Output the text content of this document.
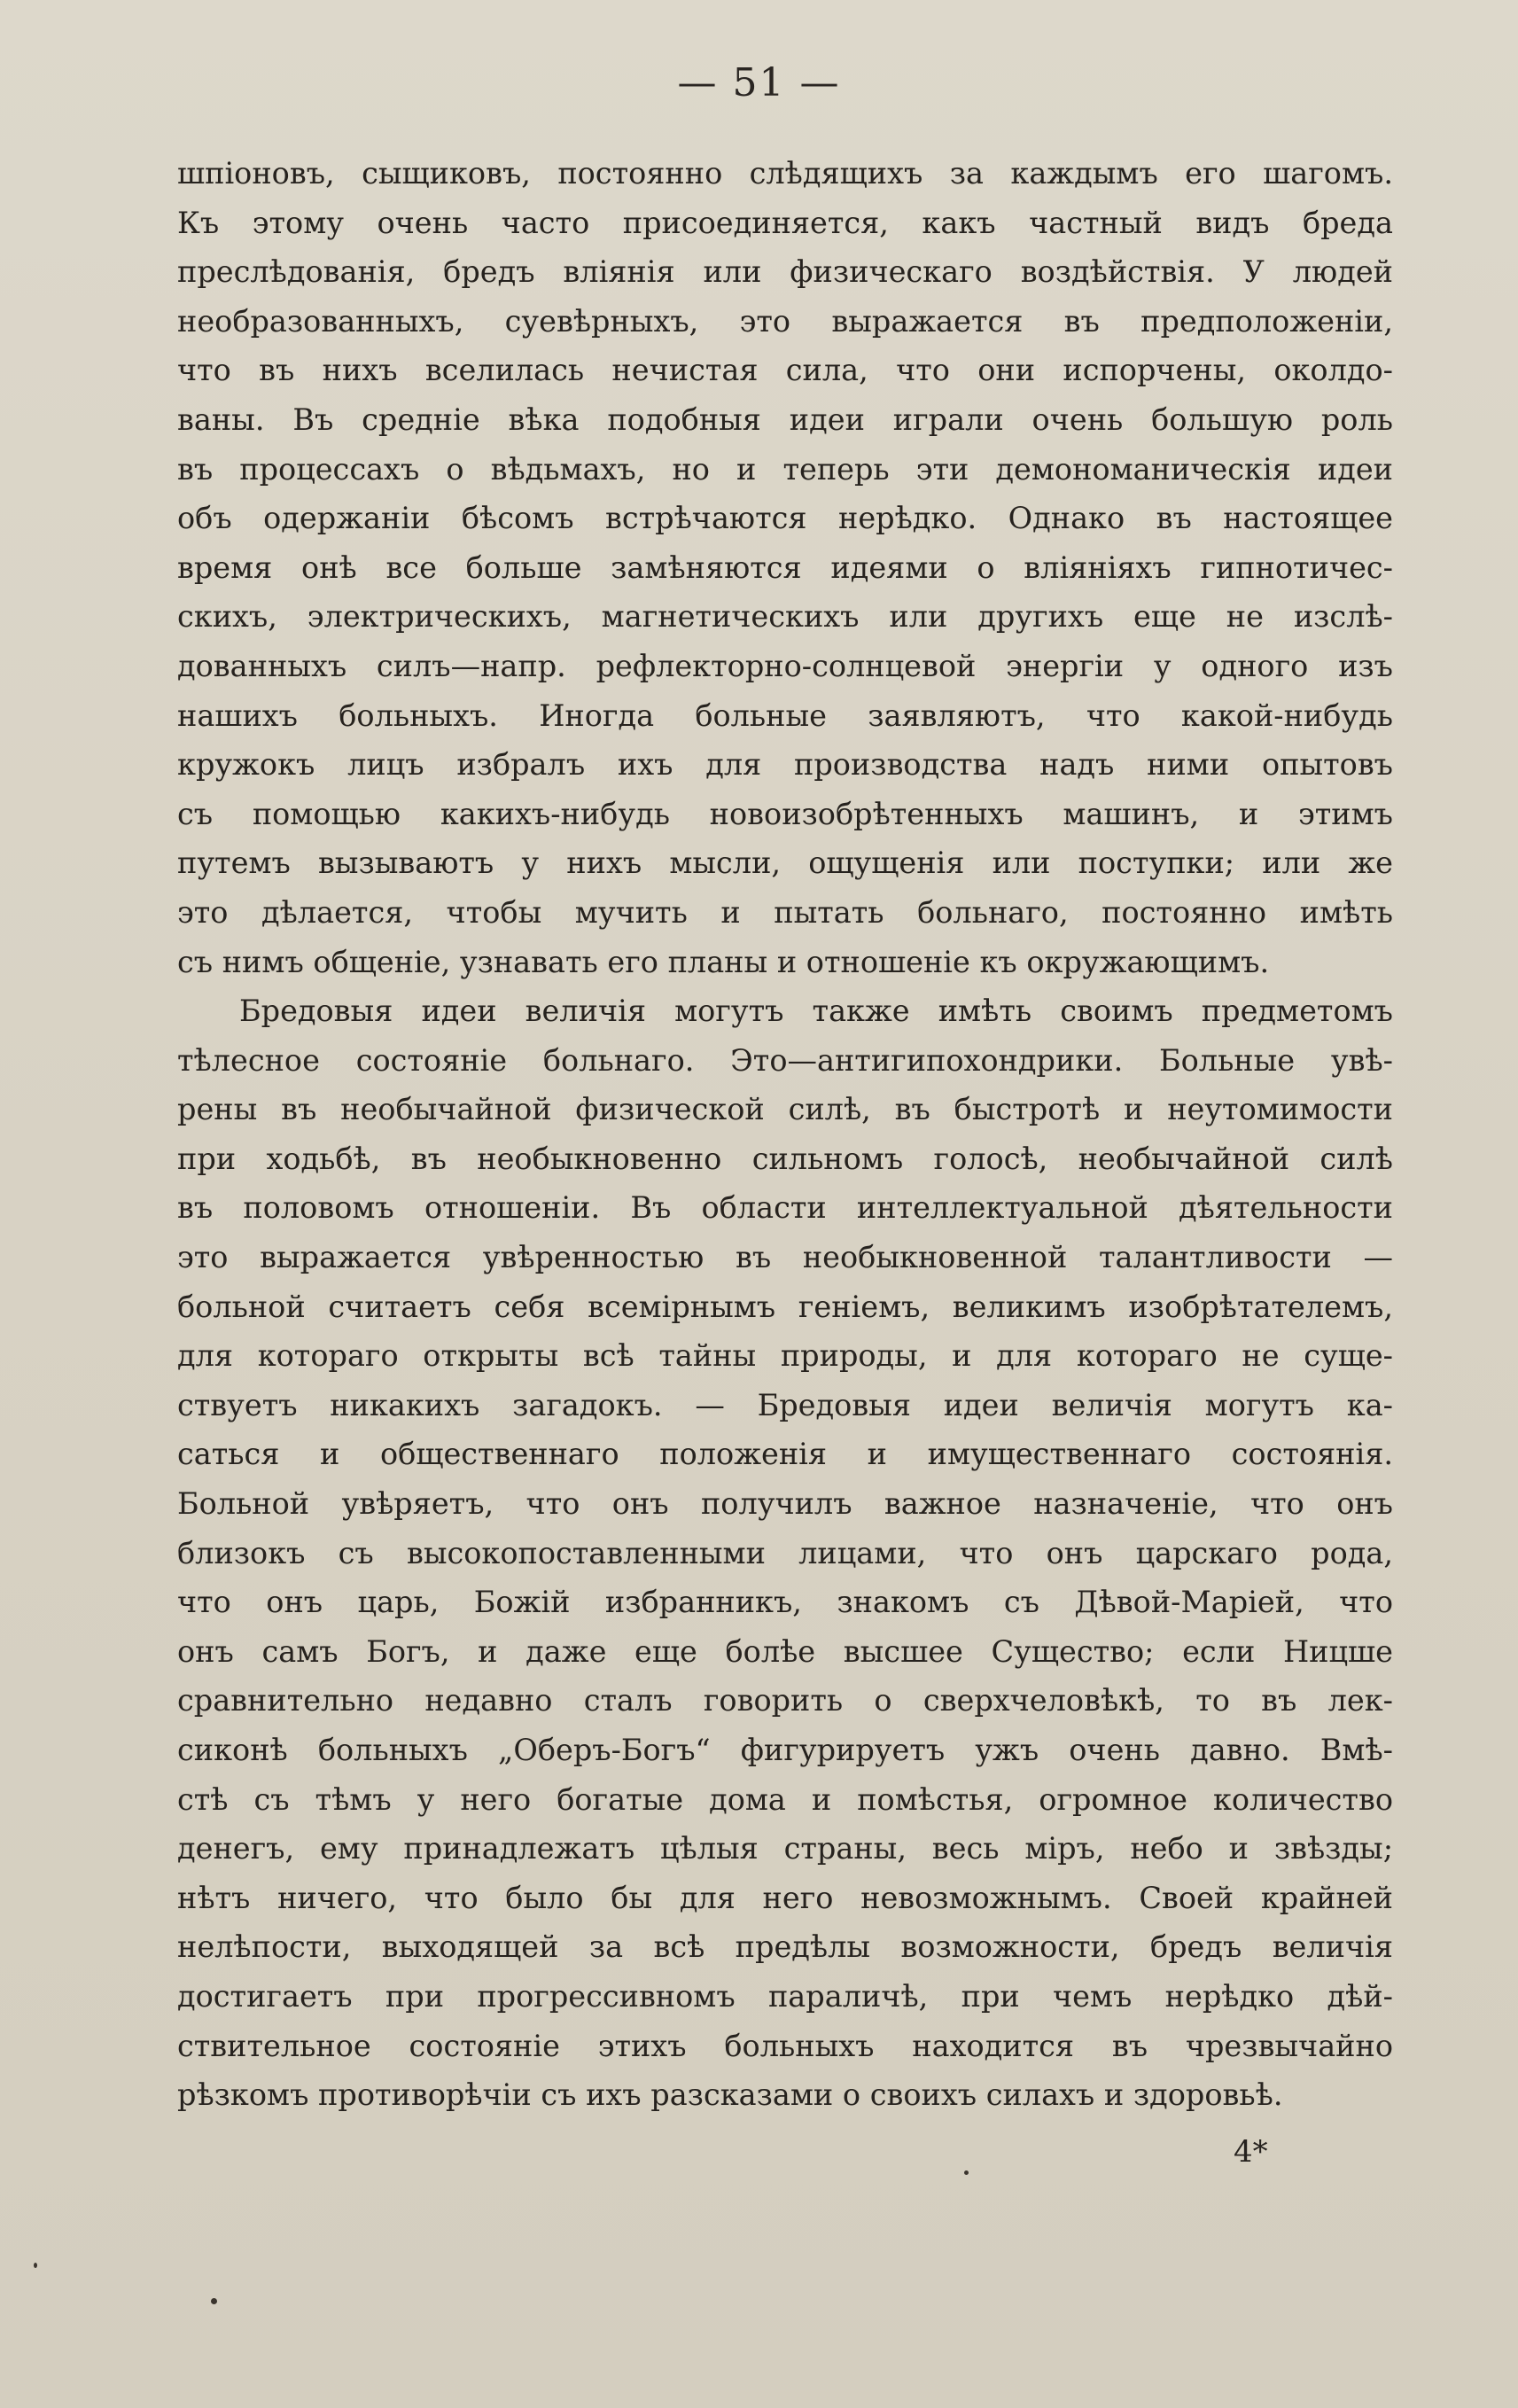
— 51 —
шпіоновъ, сыщиковъ, постоянно слѣдящихъ за каждымъ его шагомъ.
Къ этому очень часто присоединяется, какъ частный видъ бреда
преслѣдованія, бредъ вліянія или физическаго воздѣйствія. У людей
необразованныхъ, суевѣрныхъ, это выражается въ предположеніи,
что въ нихъ вселилась нечистая сила, что они испорчены, околдо-
ваны. Въ средніе вѣка подобныя идеи играли очень большую роль
въ процессахъ о вѣдьмахъ, но и теперь эти демономаническія идеи
объ одержаніи бѣсомъ встрѣчаются нерѣдко. Однако въ настоящее
время онѣ все больше замѣняются идеями о вліяніяхъ гипнотичес-
скихъ, электрическихъ, магнетическихъ или другихъ еще не изслѣ-
дованныхъ силъ—напр. рефлекторно-солнцевой энергіи у одного изъ
нашихъ больныхъ. Иногда больные заявляютъ, что какой-нибудь
кружокъ лицъ избралъ ихъ для производства надъ ними опытовъ
съ помощью какихъ-нибудь новоизобрѣтенныхъ машинъ, и этимъ
путемъ вызываютъ у нихъ мысли, ощущенія или поступки; или же
это дѣлается, чтобы мучить и пытать больнаго, постоянно имѣть
съ нимъ общеніе, узнавать его планы и отношеніе къ окружающимъ.
Бредовыя идеи величія могутъ также имѣть своимъ предметомъ
тѣлесное состояніе больнаго. Это—антигипохондрики. Больные увѣ-
рены въ необычайной физической силѣ, въ быстротѣ и неутомимости
при ходьбѣ, въ необыкновенно сильномъ голосѣ, необычайной силѣ
въ половомъ отношеніи. Въ области интеллектуальной дѣятельности
это выражается увѣренностью въ необыкновенной талантливости —
больной считаетъ себя всемірнымъ геніемъ, великимъ изобрѣтателемъ,
для котораго открыты всѣ тайны природы, и для котораго не суще-
ствуетъ никакихъ загадокъ. — Бредовыя идеи величія могутъ ка-
саться и общественнаго положенія и имущественнаго состоянія.
Больной увѣряетъ, что онъ получилъ важное назначеніе, что онъ
близокъ съ высокопоставленными лицами, что онъ царскаго рода,
что онъ царь, Божій избранникъ, знакомъ съ Дѣвой-Маріей, что
онъ самъ Богъ, и даже еще болѣе высшее Существо; если Ницше
сравнительно недавно сталъ говорить о сверхчеловѣкѣ, то въ лек-
сиконѣ больныхъ „Оберъ-Богъ“ фигурируетъ ужъ очень давно. Вмѣ-
стѣ съ тѣмъ у него богатые дома и помѣстья, огромное количество
денегъ, ему принадлежатъ цѣлыя страны, весь міръ, небо и звѣзды;
нѣтъ ничего, что было бы для него невозможнымъ. Своей крайней
нелѣпости, выходящей за всѣ предѣлы возможности, бредъ величія
достигаетъ при прогрессивномъ параличѣ, при чемъ нерѣдко дѣй-
ствительное состояніе этихъ больныхъ находится въ чрезвычайно
рѣзкомъ противорѣчіи съ ихъ разсказами о своихъ силахъ и здоровьѣ.
4*
